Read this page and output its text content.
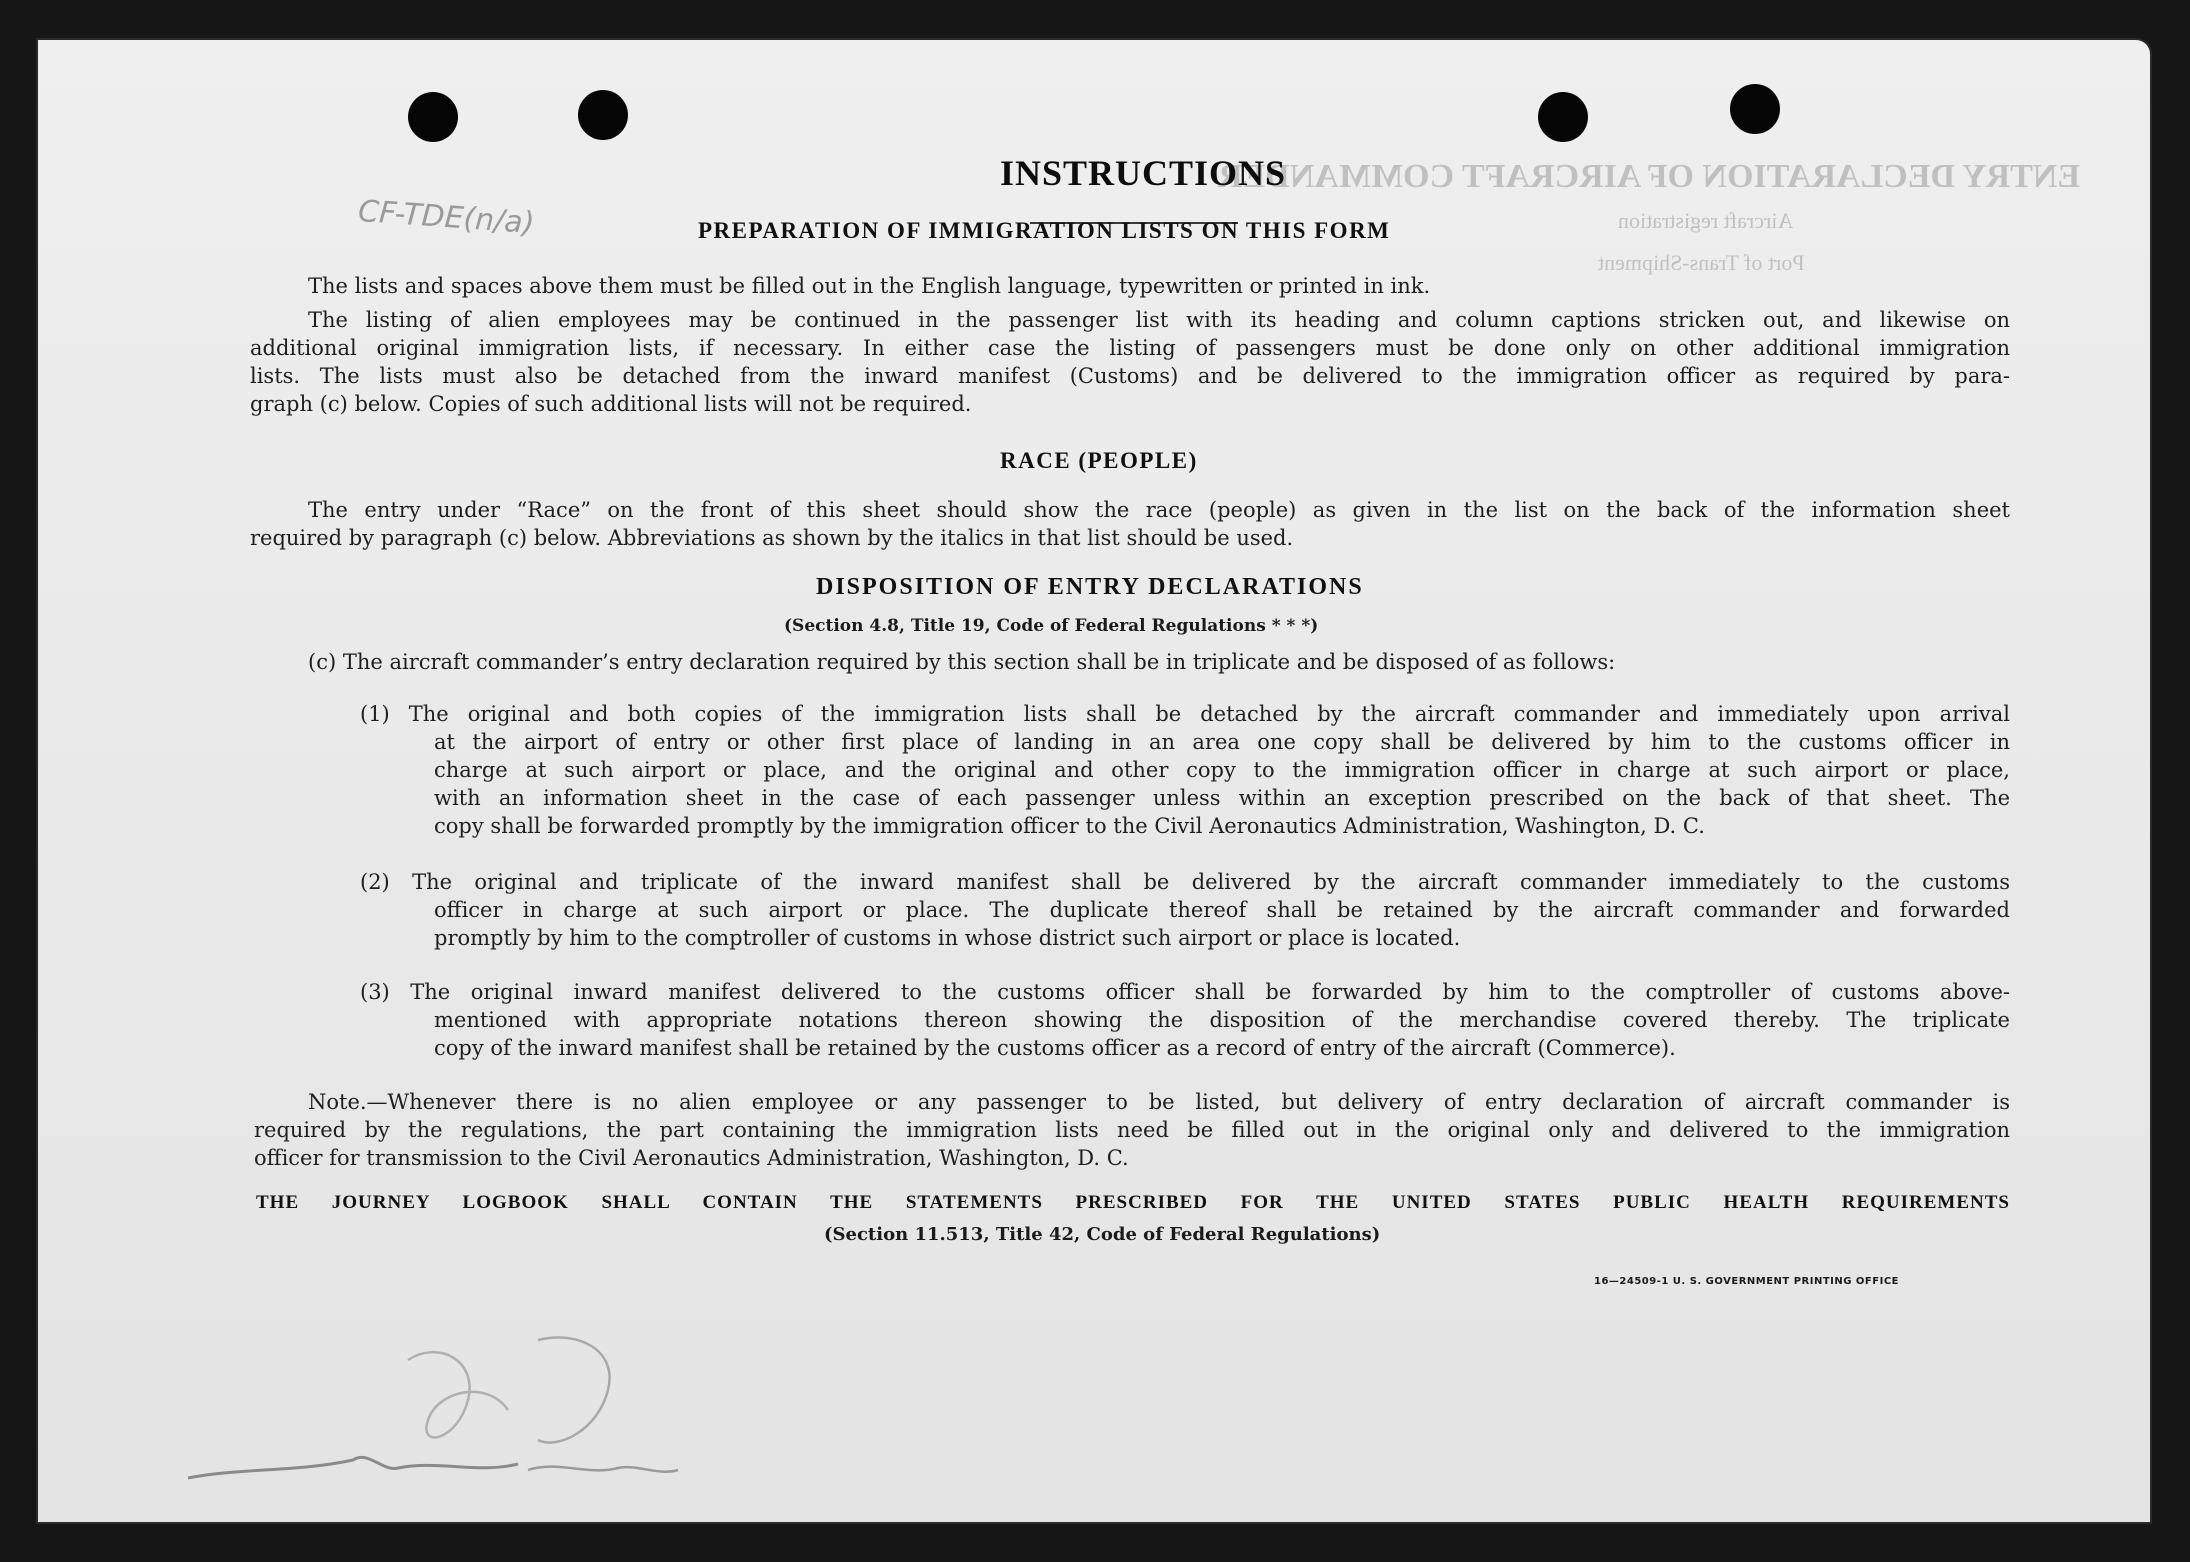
ENTRY DECLARATION OF AIRCRAFT COMMANDER
Aircraft registration
Port of Trans-Shipment
INSTRUCTIONS
CF-TDE(n/a)	PREPARATION OF IMMIGRATION LISTS ON THIS FORM
The lists and spaces above them must be filled out in the English language, typewritten or printed in ink.
The listing of alien employees may be continued in the passenger list with its heading and column captions stricken out, and likewise on
additional original immigration lists, if necessary. In either case the listing of passengers must be done only on other additional immigration
lists. The lists must also be detached from the inward manifest (Customs) and be delivered to the immigration officer as required by para-
graph (c) below. Copies of such additional lists will not be required.
RACE (PEOPLE)
The entry under “Race” on the front of this sheet should show the race (people) as given in the list on the back of the information sheet
required by paragraph (c) below. Abbreviations as shown by the italics in that list should be used.
DISPOSITION OF ENTRY DECLARATIONS
(Section 4.8, Title 19, Code of Federal Regulations * * *)
(c) The aircraft commander’s entry declaration required by this section shall be in triplicate and be disposed of as follows:
(1) The original and both copies of the immigration lists shall be detached by the aircraft commander and immediately upon arrival
at the airport of entry or other first place of landing in an area one copy shall be delivered by him to the customs officer in
charge at such airport or place, and the original and other copy to the immigration officer in charge at such airport or place,
with an information sheet in the case of each passenger unless within an exception prescribed on the back of that sheet. The
copy shall be forwarded promptly by the immigration officer to the Civil Aeronautics Administration, Washington, D. C.
(2) The original and triplicate of the inward manifest shall be delivered by the aircraft commander immediately to the customs
officer in charge at such airport or place. The duplicate thereof shall be retained by the aircraft commander and forwarded
promptly by him to the comptroller of customs in whose district such airport or place is located.
(3) The original inward manifest delivered to the customs officer shall be forwarded by him to the comptroller of customs above-
mentioned with appropriate notations thereon showing the disposition of the merchandise covered thereby. The triplicate
copy of the inward manifest shall be retained by the customs officer as a record of entry of the aircraft (Commerce).
Note.—Whenever there is no alien employee or any passenger to be listed, but delivery of entry declaration of aircraft commander is
required by the regulations, the part containing the immigration lists need be filled out in the original only and delivered to the immigration
officer for transmission to the Civil Aeronautics Administration, Washington, D. C.
THE JOURNEY LOGBOOK SHALL CONTAIN THE STATEMENTS PRESCRIBED FOR THE UNITED STATES PUBLIC HEALTH REQUIREMENTS
(Section 11.513, Title 42, Code of Federal Regulations)
16—24509-1 U. S. GOVERNMENT PRINTING OFFICE
